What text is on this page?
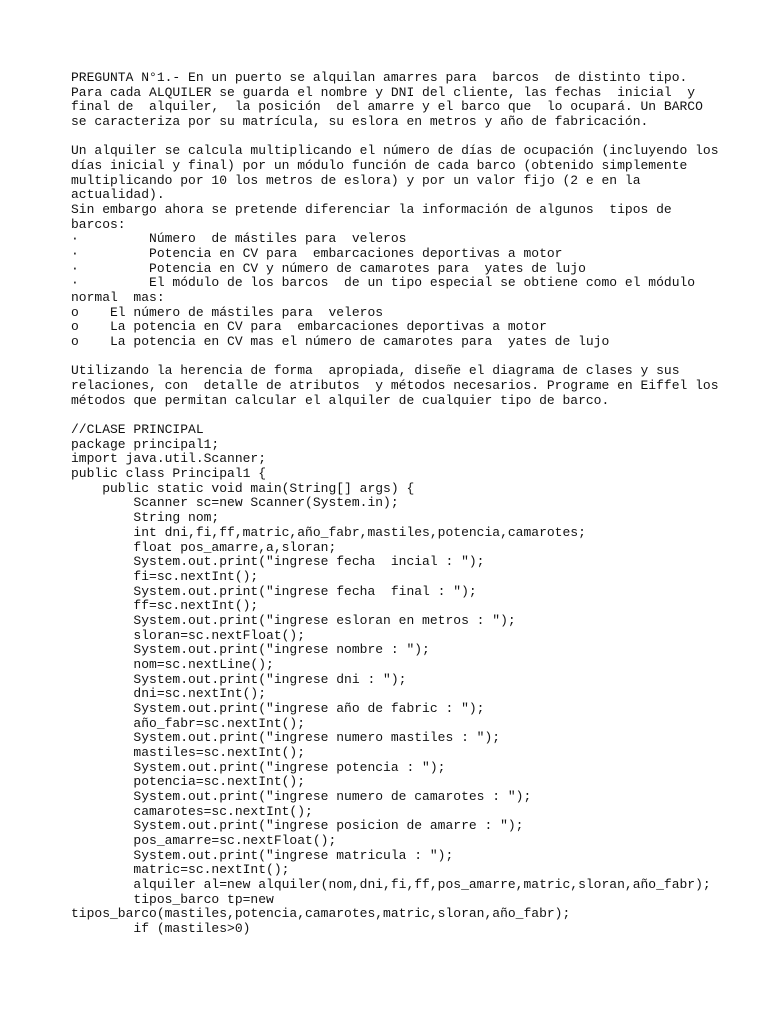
PREGUNTA N°1.- En un puerto se alquilan amarres para  barcos  de distinto tipo.
Para cada ALQUILER se guarda el nombre y DNI del cliente, las fechas  inicial  y
final de  alquiler,  la posición  del amarre y el barco que  lo ocupará. Un BARCO
se caracteriza por su matrícula, su eslora en metros y año de fabricación.
Un alquiler se calcula multiplicando el número de días de ocupación (incluyendo los
días inicial y final) por un módulo función de cada barco (obtenido simplemente
multiplicando por 10 los metros de eslora) y por un valor fijo (2 e en la
actualidad).
Sin embargo ahora se pretende diferenciar la información de algunos  tipos de
barcos:
·         Número  de mástiles para  veleros
·         Potencia en CV para  embarcaciones deportivas a motor
·         Potencia en CV y número de camarotes para  yates de lujo
·         El módulo de los barcos  de un tipo especial se obtiene como el módulo
normal  mas:
o    El número de mástiles para  veleros
o    La potencia en CV para  embarcaciones deportivas a motor
o    La potencia en CV mas el número de camarotes para  yates de lujo
Utilizando la herencia de forma  apropiada, diseñe el diagrama de clases y sus
relaciones, con  detalle de atributos  y métodos necesarios. Programe en Eiffel los
métodos que permitan calcular el alquiler de cualquier tipo de barco.
//CLASE PRINCIPAL
package principal1;
import java.util.Scanner;
public class Principal1 {
public static void main(String[] args) {
Scanner sc=new Scanner(System.in);
String nom;
int dni,fi,ff,matric,año_fabr,mastiles,potencia,camarotes;
float pos_amarre,a,sloran;
System.out.print("ingrese fecha  incial : ");
fi=sc.nextInt();
System.out.print("ingrese fecha  final : ");
ff=sc.nextInt();
System.out.print("ingrese esloran en metros : ");
sloran=sc.nextFloat();
System.out.print("ingrese nombre : ");
nom=sc.nextLine();
System.out.print("ingrese dni : ");
dni=sc.nextInt();
System.out.print("ingrese año de fabric : ");
año_fabr=sc.nextInt();
System.out.print("ingrese numero mastiles : ");
mastiles=sc.nextInt();
System.out.print("ingrese potencia : ");
potencia=sc.nextInt();
System.out.print("ingrese numero de camarotes : ");
camarotes=sc.nextInt();
System.out.print("ingrese posicion de amarre : ");
pos_amarre=sc.nextFloat();
System.out.print("ingrese matricula : ");
matric=sc.nextInt();
alquiler al=new alquiler(nom,dni,fi,ff,pos_amarre,matric,sloran,año_fabr);
tipos_barco tp=new
tipos_barco(mastiles,potencia,camarotes,matric,sloran,año_fabr);
if (mastiles>0)
